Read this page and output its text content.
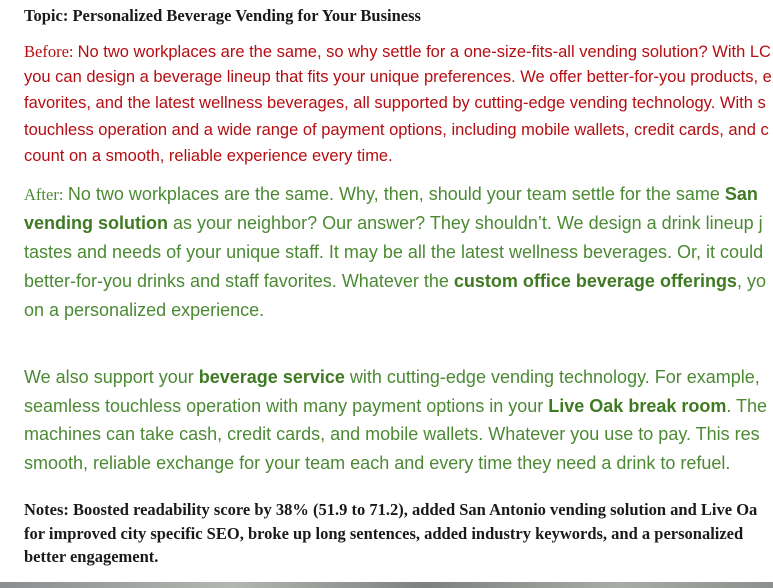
Topic: Personalized Beverage Vending for Your Business
Before: No two workplaces are the same, so why settle for a one-size-fits-all vending solution? With LC
you can design a beverage lineup that fits your unique preferences. We offer better-for-you products, e
favorites, and the latest wellness beverages, all supported by cutting-edge vending technology. With s
touchless operation and a wide range of payment options, including mobile wallets, credit cards, and c
count on a smooth, reliable experience every time.
After: No two workplaces are the same. Why, then, should your team settle for the same San
vending solution as your neighbor? Our answer? They shouldn’t. We design a drink lineup j
tastes and needs of your unique staff. It may be all the latest wellness beverages. Or, it could
better-for-you drinks and staff favorites. Whatever the custom office beverage offerings, yo
on a personalized experience.
We also support your beverage service with cutting-edge vending technology. For example,
seamless touchless operation with many payment options in your Live Oak break room. The
machines can take cash, credit cards, and mobile wallets. Whatever you use to pay. This res
smooth, reliable exchange for your team each and every time they need a drink to refuel.
Notes: Boosted readability score by 38% (51.9 to 71.2), added San Antonio vending solution and Live Oa
for improved city specific SEO, broke up long sentences, added industry keywords, and a personalized
better engagement.
